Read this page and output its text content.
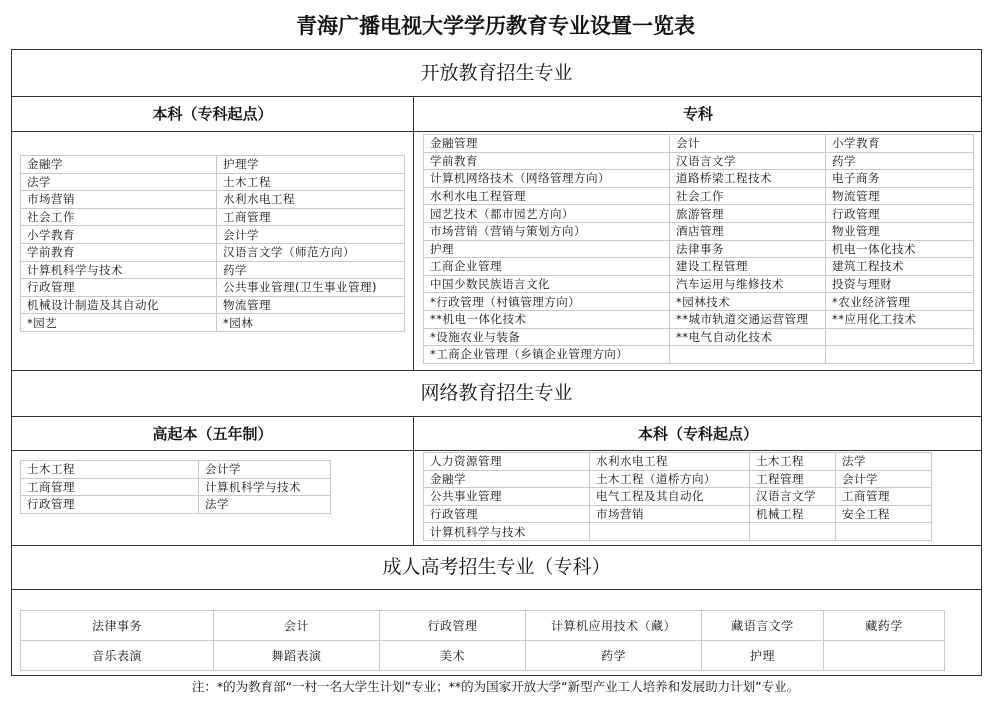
青海广播电视大学学历教育专业设置一览表
开放教育招生专业
本科（专科起点）	专科
金融学	护理学
法学	土木工程
市场营销	水利水电工程
社会工作	工商管理
小学教育	会计学
学前教育	汉语言文学（师范方向）
计算机科学与技术	药学
行政管理	公共事业管理(卫生事业管理)
机械设计制造及其自动化	物流管理
*园艺	*园林
金融管理	会计	小学教育
学前教育	汉语言文学	药学
计算机网络技术（网络管理方向）	道路桥梁工程技术	电子商务
水利水电工程管理	社会工作	物流管理
园艺技术（都市园艺方向）	旅游管理	行政管理
市场营销（营销与策划方向）	酒店管理	物业管理
护理	法律事务	机电一体化技术
工商企业管理	建设工程管理	建筑工程技术
中国少数民族语言文化	汽车运用与维修技术	投资与理财
*行政管理（村镇管理方向）	*园林技术	*农业经济管理
**机电一体化技术	**城市轨道交通运营管理	**应用化工技术
*设施农业与装备	**电气自动化技术	
*工商企业管理（乡镇企业管理方向）		
网络教育招生专业
高起本（五年制）	本科（专科起点）
土木工程	会计学
工商管理	计算机科学与技术
行政管理	法学
人力资源管理	水利水电工程	土木工程	法学
金融学	土木工程（道桥方向）	工程管理	会计学
公共事业管理	电气工程及其自动化	汉语言文学	工商管理
行政管理	市场营销	机械工程	安全工程
计算机科学与技术			
成人高考招生专业（专科）
法律事务	会计	行政管理	计算机应用技术（藏）	藏语言文学	藏药学
音乐表演	舞蹈表演	美术	药学	护理	
注：*的为教育部“一村一名大学生计划”专业；**的为国家开放大学“新型产业工人培养和发展助力计划”专业。
